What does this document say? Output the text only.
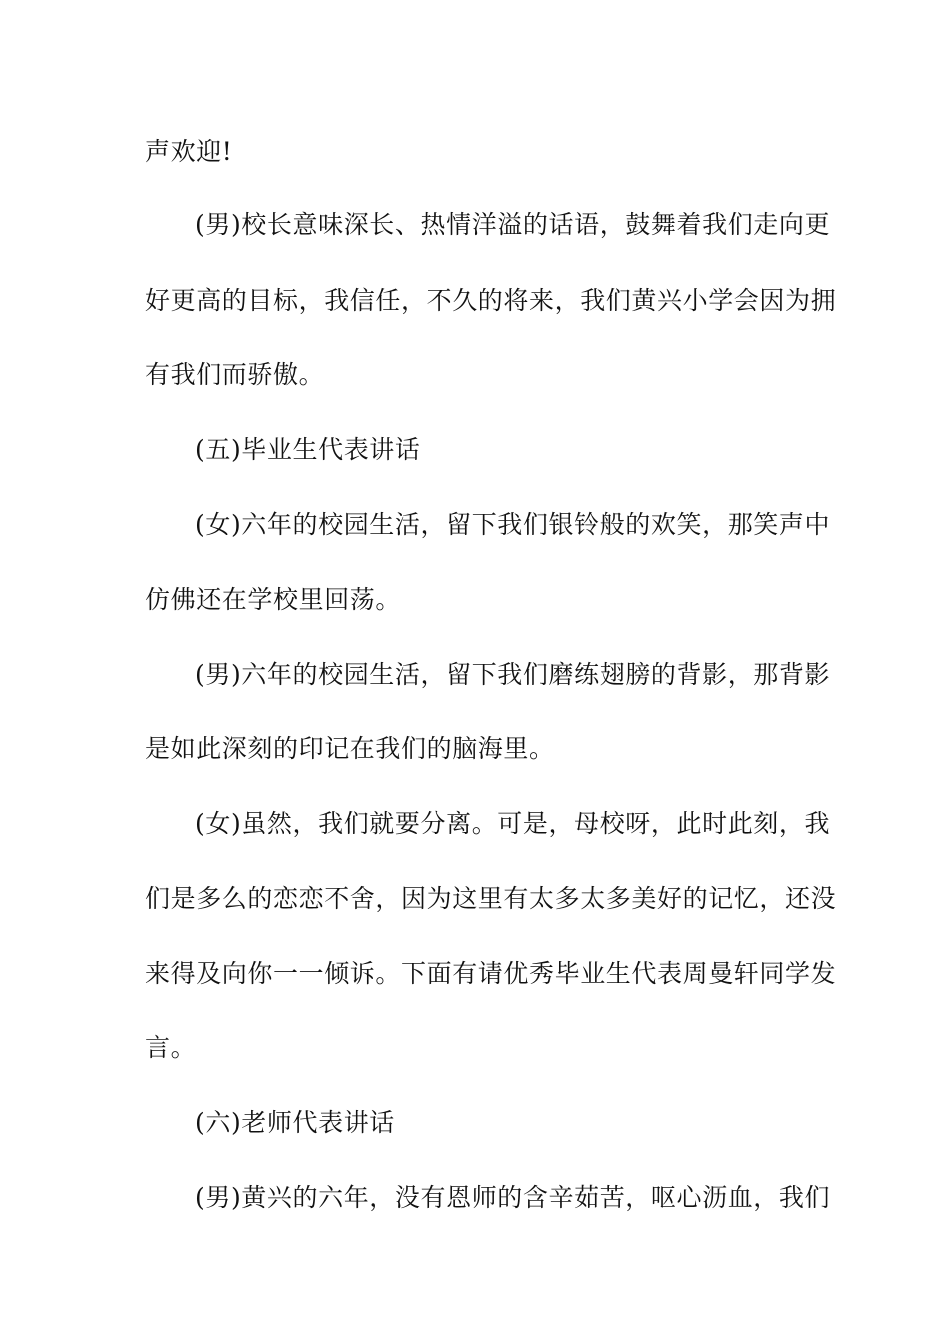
声欢迎!
(男)校长意味深长、热情洋溢的话语，鼓舞着我们走向更
好更高的目标，我信任，不久的将来，我们黄兴小学会因为拥
有我们而骄傲。
(五)毕业生代表讲话
(女)六年的校园生活，留下我们银铃般的欢笑，那笑声中
仿佛还在学校里回荡。
(男)六年的校园生活，留下我们磨练翅膀的背影，那背影
是如此深刻的印记在我们的脑海里。
(女)虽然，我们就要分离。可是，母校呀，此时此刻，我
们是多么的恋恋不舍，因为这里有太多太多美好的记忆，还没
来得及向你一一倾诉。下面有请优秀毕业生代表周曼轩同学发
言。
(六)老师代表讲话
(男)黄兴的六年，没有恩师的含辛茹苦，呕心沥血，我们
